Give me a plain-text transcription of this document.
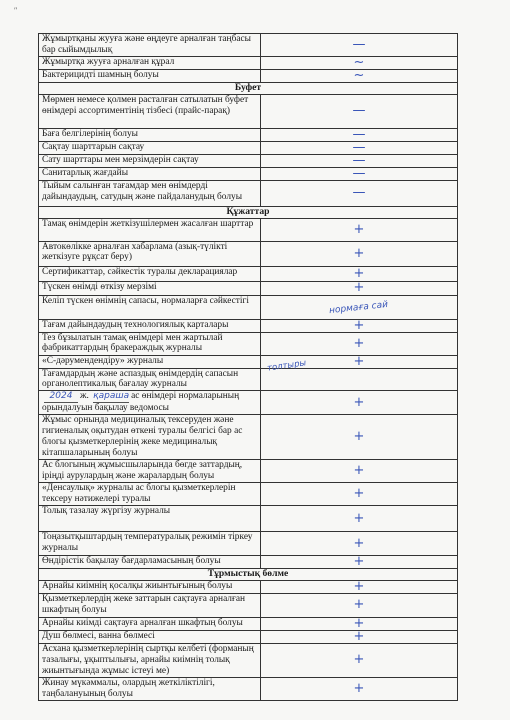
″
Жұмыртқаны жууға және өңдеуге арналған таңбасы бар сыйымдылық	—
Жұмыртқа жууға арналған құрал	~
Бактерицидті шамның болуы	~
Буфет	
Мөрмен немесе қолмен расталған сатылатын буфет өнімдері ассортиментінің тізбесі (прайс-парақ)	—
Баға белгілерінің болуы	—
Сақтау шарттарын сақтау	—
Сату шарттары мен мерзімдерін сақтау	—
Санитарлық жағдайы	—
Тыйым салынған тағамдар мен өнімдерді дайындаудың, сатудың және пайдаланудың болуы	—
Құжаттар	
Тамақ өнімдерін жеткізушілермен жасалған шарттар	+
Автокөлікке арналған хабарлама (азық-түлікті жеткізуге рұқсат беру)	+
Сертификаттар, сәйкестік туралы декларациялар	+
Түскен өнімді өткізу мерзімі	+
Келіп түскен өнімнің сапасы, нормаларға сәйкестігі	нормаға сай
Тағам дайындаудың технологиялық карталары	+
Тез бұзылатын тамақ өнімдері мен жартылай фабрикаттардың бракераждық журналы	+
«С-дәрумендендіру» журналы	+
Тағамдардың және аспаздық өнімдердің сапасын органолептикалық бағалау журналы	толтыры

2024 ж. қараша ас өнімдері нормаларының орындалуын бақылау ведомосы	+
Жұмыс орнында медициналық тексеруден және гигиеналық оқытудан өткені туралы белгісі бар ас блогы қызметкерлерінің жеке медициналық кітапшаларының болуы	+
Ас блогының жұмысшыларында бөгде заттардың, іріңді аурулардың және жаралардың болуы	+
«Денсаулық» журналы ас блогы қызметкерлерін тексеру нәтижелері туралы	+
Толық тазалау жүргізу журналы	+
Тоңазытқыштардың температуралық режимін тіркеу журналы	+
Өндірістік бақылау бағдарламасының болуы	+
Тұрмыстық бөлме	
Арнайы киімнің қосалқы жиынтығының болуы	+
Қызметкерлердің жеке заттарын сақтауға арналған шкафтың болуы	+
Арнайы киімді сақтауға арналған шкафтың болуы	+
Душ бөлмесі, ванна бөлмесі	+
Асхана қызметкерлерінің сыртқы келбеті (форманың тазалығы, ұқыптылығы, арнайы киімнің толық жиынтығында жұмыс істеуі ме)	+
Жинау мүкәммалы, олардың жеткіліктілігі, таңбалануының болуы	+
